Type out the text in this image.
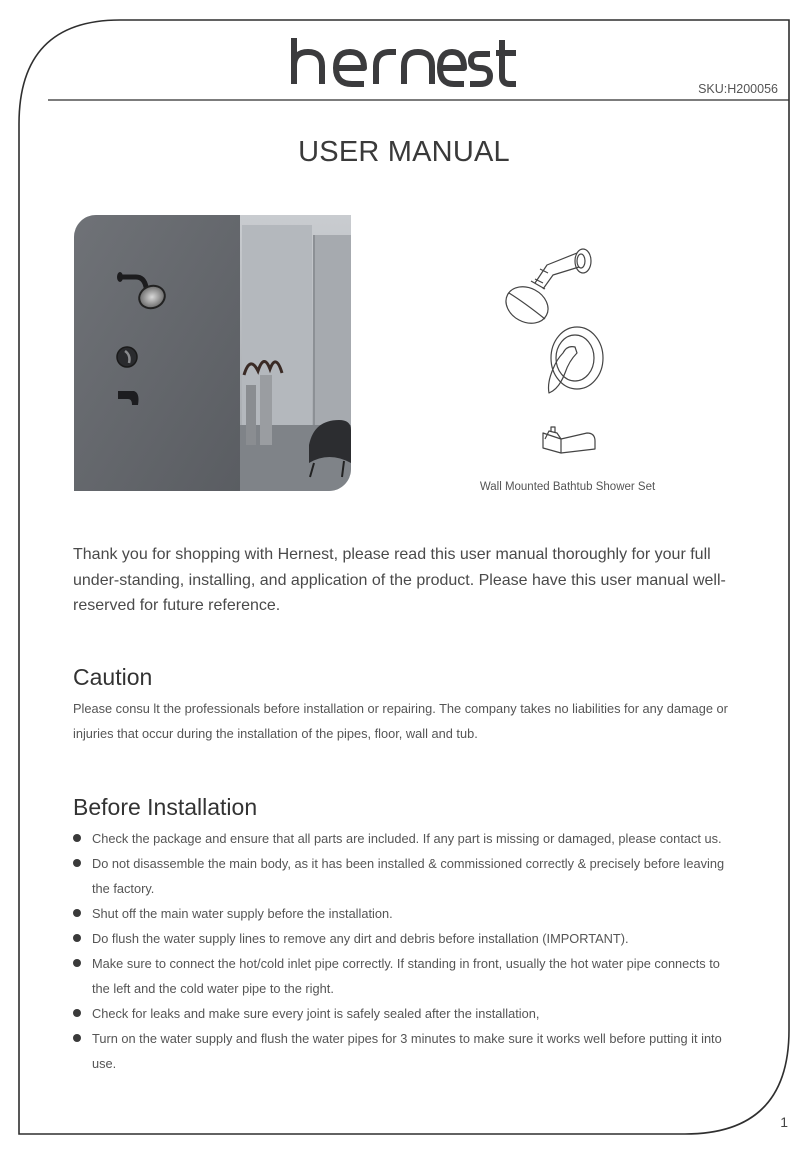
SKU:H200056
USER MANUAL
Wall Mounted Bathtub Shower Set

Thank you for shopping with Hernest, please read this user manual thoroughly for your full under-standing, installing, and application of the product. Please have this user manual well-reserved for future reference.

Caution
Please consu lt the professionals before installation or repairing. The company takes no liabilities for any damage or injuries that occur during the installation of the pipes, floor, wall and tub.
Before Installation
Check the package and ensure that all parts are included. If any part is missing or damaged, please contact us.
Do not disassemble the main body, as it has been installed & commissioned correctly & precisely before leaving the factory.
Shut off the main water supply before the installation.
Do flush the water supply lines to remove any dirt and debris before installation (IMPORTANT).
Make sure to connect the hot/cold inlet pipe correctly. If standing in front, usually the hot water pipe connects to the left and the cold water pipe to the right.
Check for leaks and make sure every joint is safely sealed after the installation,
Turn on the water supply and flush the water pipes for 3 minutes to make sure it works well before putting it into use.
1
